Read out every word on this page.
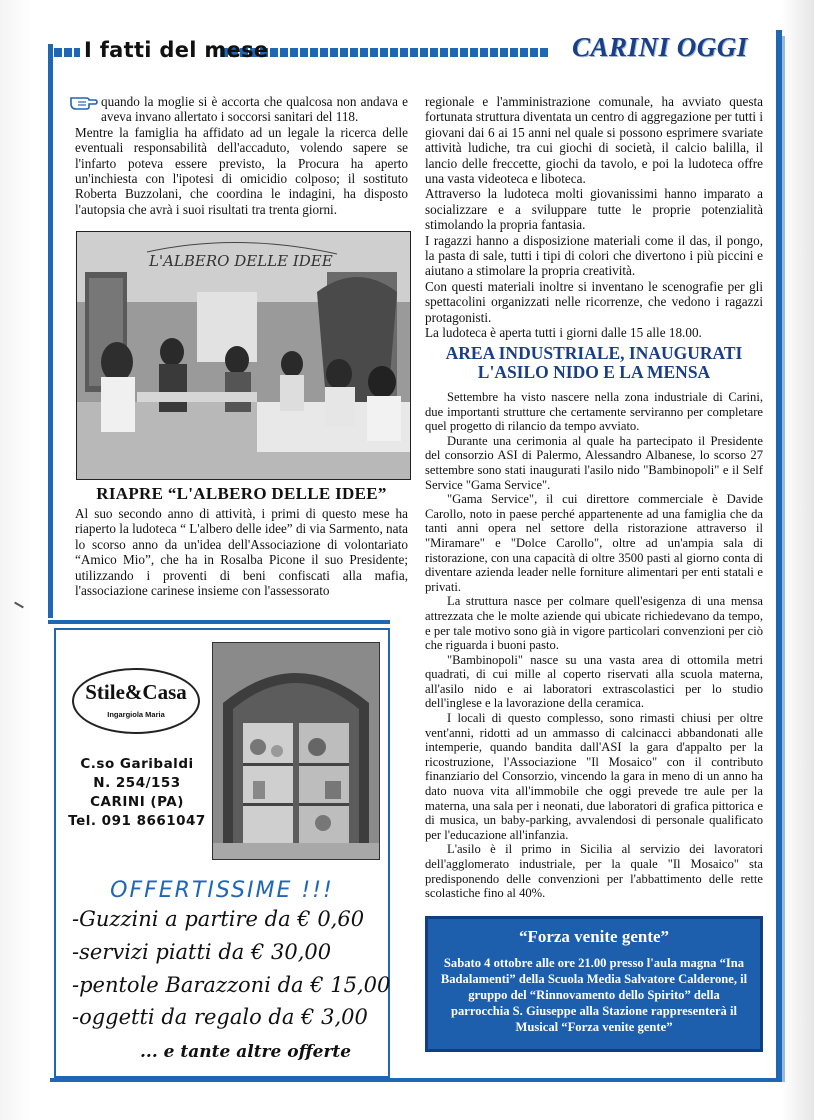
I fatti del mese	CARINI OGGI

quando la moglie si è accorta che qualcosa non andava e aveva invano allertato i soccorsi sanitari del 118.

Mentre la famiglia ha affidato ad un legale la ricerca delle eventuali responsabilità dell'accaduto, volendo sapere se l'infarto poteva essere previsto, la Procura ha aperto un'inchiesta con l'ipotesi di omicidio colposo; il sostituto Roberta Buzzolani, che coordina le indagini, ha disposto l'autopsia che avrà i suoi risultati tra trenta giorni.

L'ALBERO DELLE IDEE
RIAPRE “L'ALBERO DELLE IDEE”

Al suo secondo anno di attività, i primi di questo mese ha riaperto la ludoteca “ L'albero delle idee” di via Sarmento, nata lo scorso anno da un'idea dell'Associazione di volontariato “Amico Mio”, che ha in Rosalba Picone il suo Presidente; utilizzando i proventi di beni confiscati alla mafia, l'associazione carinese insieme con l'assessorato

regionale e l'amministrazione comunale, ha avviato questa fortunata struttura diventata un centro di aggregazione per tutti i giovani dai 6 ai 15 anni nel quale si possono esprimere svariate attività ludiche, tra cui giochi di società, il calcio balilla, il lancio delle freccette, giochi da tavolo, e poi la ludoteca offre una vasta videoteca e liboteca.

Attraverso la ludoteca molti giovanissimi hanno imparato a socializzare e a sviluppare tutte le proprie potenzialità stimolando la propria fantasia.

I ragazzi hanno a disposizione materiali come il das, il pongo, la pasta di sale, tutti i tipi di colori che divertono i più piccini e aiutano a stimolare la propria creatività.

Con questi materiali inoltre si inventano le scenografie per gli spettacolini organizzati nelle ricorrenze, che vedono i ragazzi protagonisti.

La ludoteca è aperta tutti i giorni dalle 15 alle 18.00.

AREA INDUSTRIALE, INAUGURATI
L'ASILO NIDO E LA MENSA

Settembre ha visto nascere nella zona industriale di Carini, due importanti strutture che certamente serviranno per completare quel progetto di rilancio da tempo avviato.

Durante una cerimonia al quale ha partecipato il Presidente del consorzio ASI di Palermo, Alessandro Albanese, lo scorso 27 settembre sono stati inaugurati l'asilo nido "Bambinopoli" e il Self Service "Gama Service".

"Gama Service", il cui direttore commerciale è Davide Carollo, noto in paese perché appartenente ad una famiglia che da tanti anni opera nel settore della ristorazione attraverso il "Miramare" e "Dolce Carollo", oltre ad un'ampia sala di ristorazione, con una capacità di oltre 3500 pasti al giorno conta di diventare azienda leader nelle forniture alimentari per enti statali e privati.

La struttura nasce per colmare quell'esigenza di una mensa attrezzata che le molte aziende qui ubicate richiedevano da tempo, e per tale motivo sono già in vigore particolari convenzioni per ciò che riguarda i buoni pasto.

"Bambinopoli" nasce su una vasta area di ottomila metri quadrati, di cui mille al coperto riservati alla scuola materna, all'asilo nido e ai laboratori extrascolastici per lo studio dell'inglese e la lavorazione della ceramica.

I locali di questo complesso, sono rimasti chiusi per oltre vent'anni, ridotti ad un ammasso di calcinacci abbandonati alle intemperie, quando bandita dall'ASI la gara d'appalto per la ricostruzione, l'Associazione "Il Mosaico" con il contributo finanziario del Consorzio, vincendo la gara in meno di un anno ha dato nuova vita all'immobile che oggi prevede tre aule per la materna, una sala per i neonati, due laboratori di grafica pittorica e di musica, un baby-parking, avvalendosi di personale qualificato per l'educazione all'infanzia.

L'asilo è il primo in Sicilia al servizio dei lavoratori dell'agglomerato industriale, per la quale "Il Mosaico" sta predisponendo delle convenzioni per l'abbattimento delle rette scolastiche fino al 40%.

Stile&Casa
Ingargiola Maria
C.so Garibaldi
N. 254/153
CARINI (PA)
Tel. 091 8661047
OFFERTISSIME !!!
-Guzzini a partire da € 0,60
-servizi piatti da € 30,00
-pentole Barazzoni da € 15,00
-oggetti da regalo da € 3,00
... e tante altre offerte
“Forza venite gente”
Sabato 4 ottobre alle ore 21.00 presso l'aula magna “Ina Badalamenti” della Scuola Media Salvatore Calderone, il gruppo del “Rinnovamento dello Spirito” della parrocchia S. Giuseppe alla Stazione rappresenterà il Musical “Forza venite gente”
